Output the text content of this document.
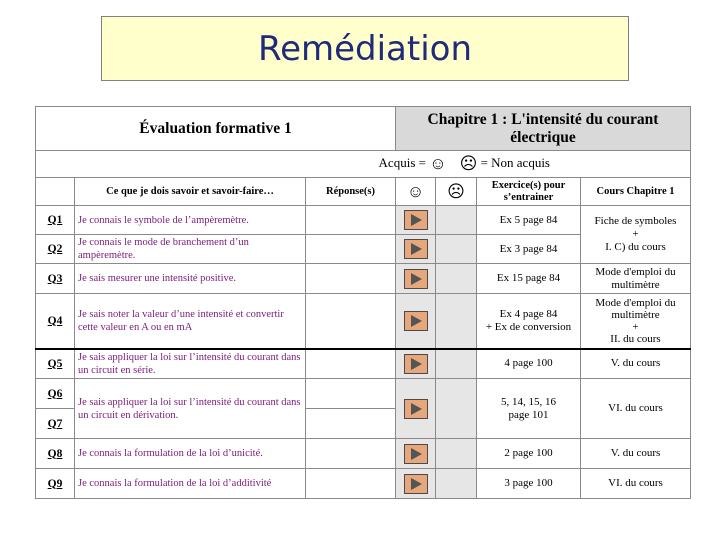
Remédiation
Évaluation formative 1			Chapitre 1 : L'intensité du courant électrique			
Acquis = ☺ ☹ = Non acquis						
	Ce que je dois savoir et savoir-faire…	Réponse(s)	☺	☹	Exercice(s) pour s’entrainer	Cours Chapitre 1
Q1	Je connais le symbole de l’ampèremètre.				Ex 5 page 84	Fiche de symboles
+
I. C) du cours
Q2	Je connais le mode de branchement d’un ampèremètre.				Ex 3 page 84	
Q3	Je sais mesurer une intensité positive.				Ex 15 page 84	Mode d'emploi du multimètre
Q4	Je sais noter la valeur d’une intensité et convertir cette valeur en A ou en mA				Ex 4 page 84
+ Ex de conversion	Mode d'emploi du multimètre
+
II. du cours
Q5	Je sais appliquer la loi sur l’intensité du courant dans un circuit en série.				4 page 100	V. du cours
Q6	Je sais appliquer la loi sur l’intensité du courant dans un circuit en dérivation.				5, 14, 15, 16
page 101	VI. du cours
Q7						
Q8	Je connais la formulation de la loi d’unicité.				2 page 100	V. du cours
Q9	Je connais la formulation de la loi d’additivité				3 page 100	VI. du cours
